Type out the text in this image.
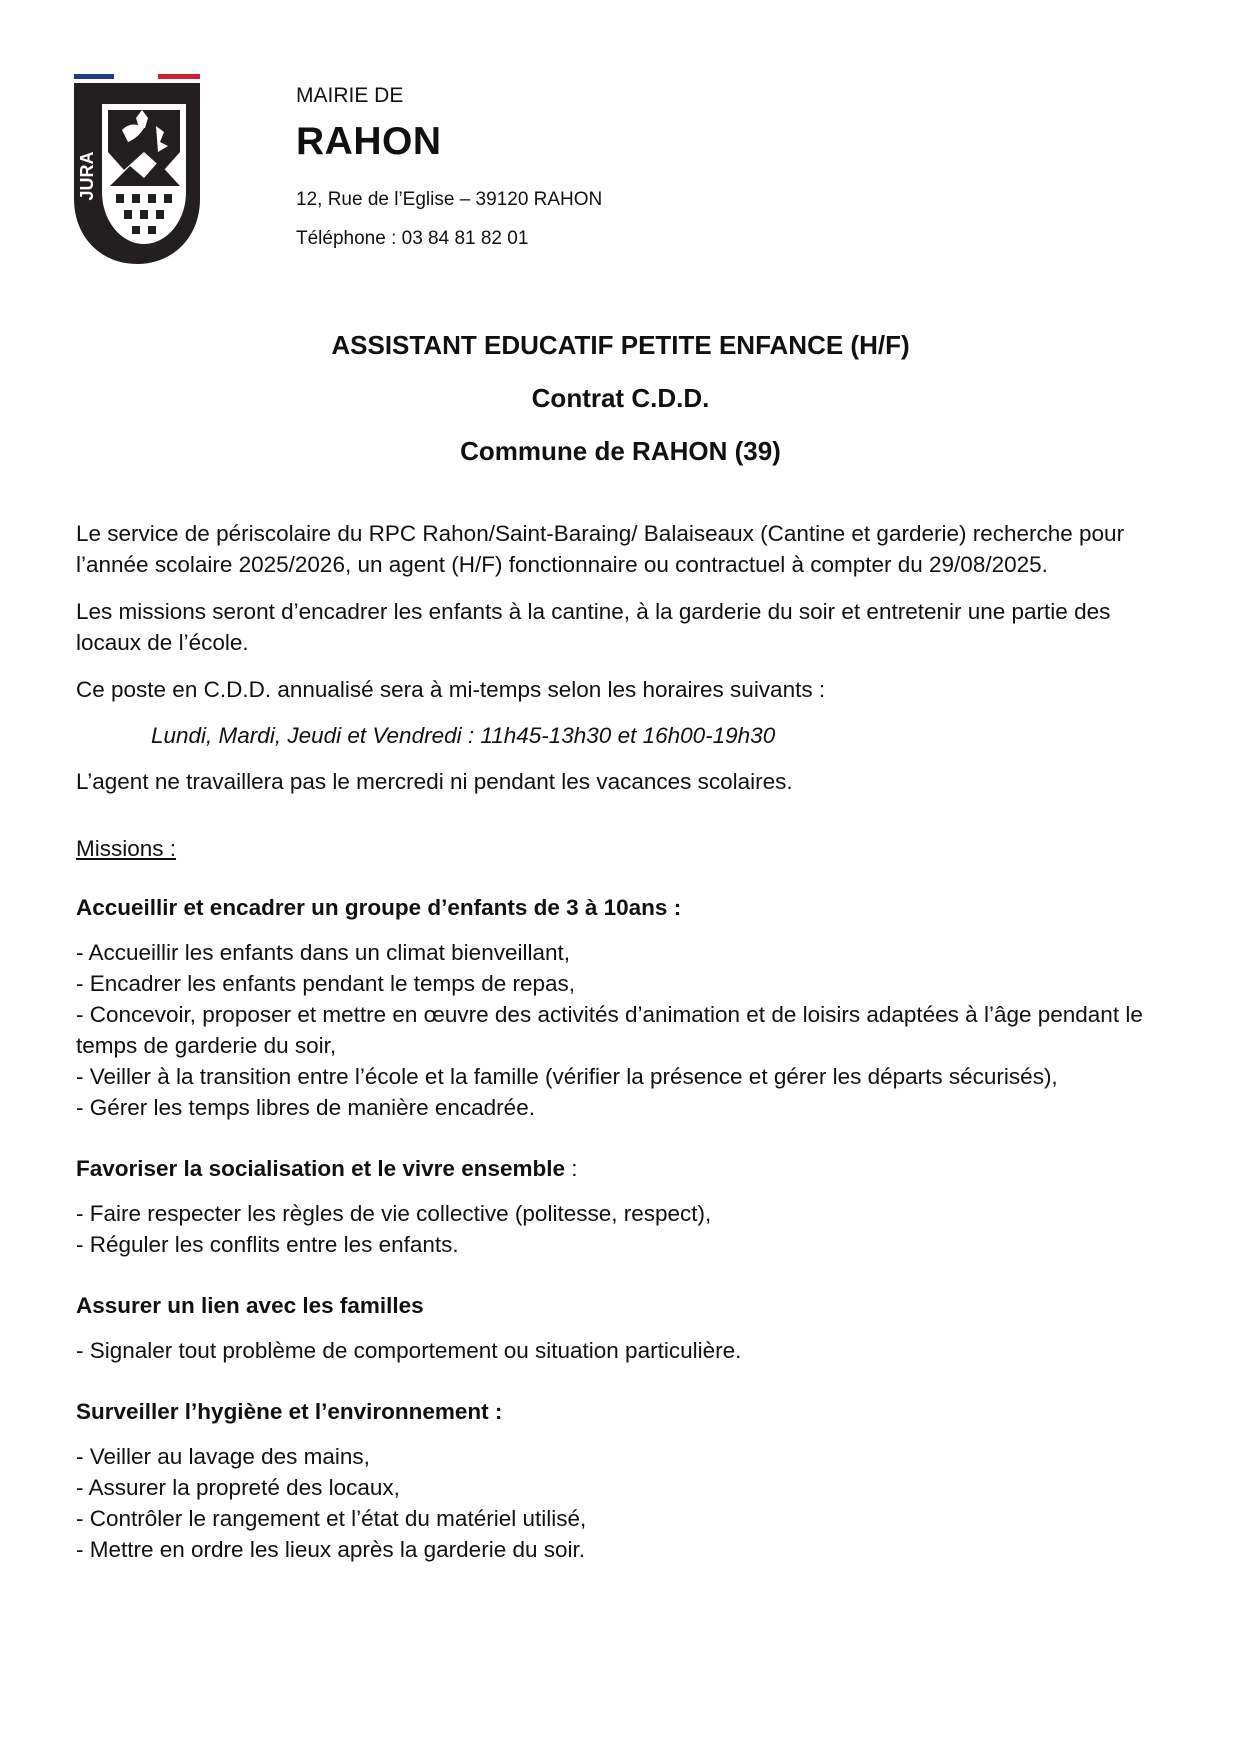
JURA
MAIRIE DE
RAHON
12, Rue de l’Eglise – 39120 RAHON
Téléphone : 03 84 81 82 01
ASSISTANT EDUCATIF PETITE ENFANCE (H/F)
Contrat C.D.D.
Commune de RAHON (39)

Le service de périscolaire du RPC Rahon/Saint-Baraing/ Balaiseaux (Cantine et garderie) recherche pour l’année scolaire 2025/2026, un agent (H/F) fonctionnaire ou contractuel à compter du 29/08/2025.

Les missions seront d’encadrer les enfants à la cantine, à la garderie du soir et entretenir une partie des locaux de l’école.

Ce poste en C.D.D. annualisé sera à mi-temps selon les horaires suivants :

Lundi, Mardi, Jeudi et Vendredi : 11h45-13h30 et 16h00-19h30

L’agent ne travaillera pas le mercredi ni pendant les vacances scolaires.

Missions :

Accueillir et encadrer un groupe d’enfants de 3 à 10ans :

- Accueillir les enfants dans un climat bienveillant,
- Encadrer les enfants pendant le temps de repas,
- Concevoir, proposer et mettre en œuvre des activités d’animation et de loisirs adaptées à l’âge pendant le temps de garderie du soir,
- Veiller à la transition entre l’école et la famille (vérifier la présence et gérer les départs sécurisés),
- Gérer les temps libres de manière encadrée.

Favoriser la socialisation et le vivre ensemble :

- Faire respecter les règles de vie collective (politesse, respect),
- Réguler les conflits entre les enfants.

Assurer un lien avec les familles

- Signaler tout problème de comportement ou situation particulière.

Surveiller l’hygiène et l’environnement :

- Veiller au lavage des mains,
- Assurer la propreté des locaux,
- Contrôler le rangement et l’état du matériel utilisé,
- Mettre en ordre les lieux après la garderie du soir.
